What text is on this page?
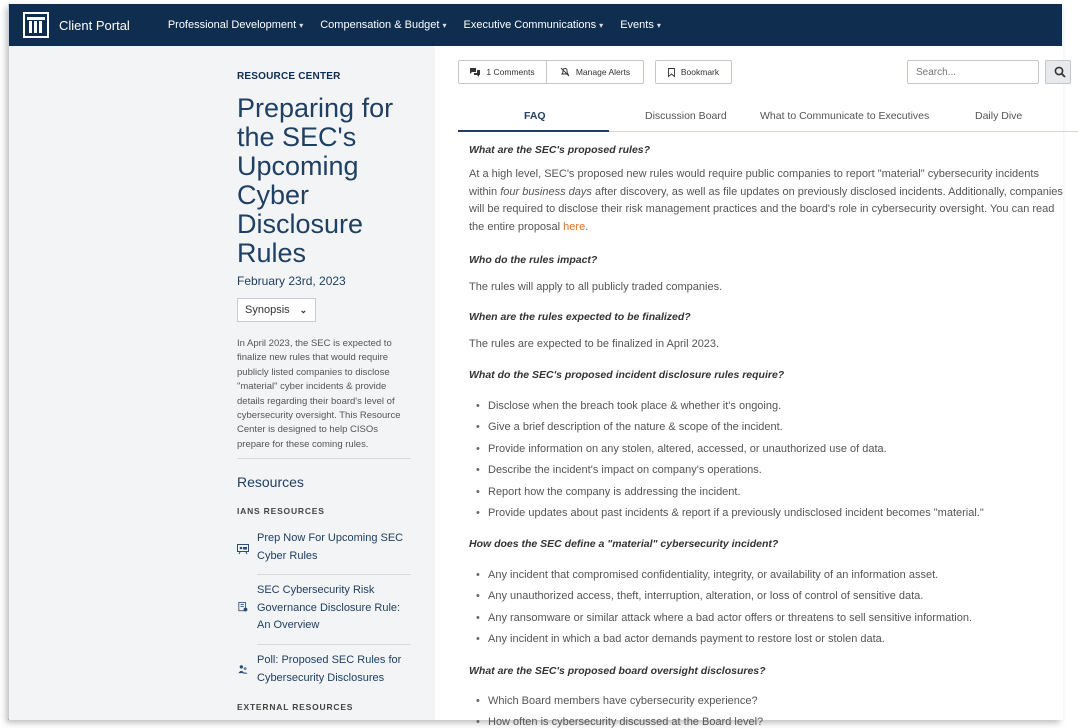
Client Portal	Professional Development ▾ Compensation & Budget ▾ Executive Communications ▾ Events ▾
RESOURCE CENTER
Preparing for the SEC's Upcoming Cyber Disclosure Rules
February 23rd, 2023
Synopsis ⌄
In April 2023, the SEC is expected to finalize new rules that would require publicly listed companies to disclose "material" cyber incidents & provide details regarding their board's level of cybersecurity oversight. This Resource Center is designed to help CISOs prepare for these coming rules.
Resources
IANS RESOURCES
Prep Now For Upcoming SEC Cyber Rules
SEC Cybersecurity Risk Governance Disclosure Rule: An Overview
Poll: Proposed SEC Rules for Cybersecurity Disclosures
EXTERNAL RESOURCES
1 Comments	Manage Alerts	Bookmark
Search...
FAQ	Discussion Board	What to Communicate to Executives	Daily Dive
What are the SEC's proposed rules?
At a high level, SEC's proposed new rules would require public companies to report "material" cybersecurity incidents within four business days after discovery, as well as file updates on previously disclosed incidents. Additionally, companies will be required to disclose their risk management practices and the board's role in cybersecurity oversight. You can read the entire proposal here.
Who do the rules impact?
The rules will apply to all publicly traded companies.
When are the rules expected to be finalized?
The rules are expected to be finalized in April 2023.
What do the SEC's proposed incident disclosure rules require?
• Disclose when the breach took place & whether it's ongoing.
• Give a brief description of the nature & scope of the incident.
• Provide information on any stolen, altered, accessed, or unauthorized use of data.
• Describe the incident's impact on company's operations.
• Report how the company is addressing the incident.
• Provide updates about past incidents & report if a previously undisclosed incident becomes "material."
How does the SEC define a "material" cybersecurity incident?
• Any incident that compromised confidentiality, integrity, or availability of an information asset.
• Any unauthorized access, theft, interruption, alteration, or loss of control of sensitive data.
• Any ransomware or similar attack where a bad actor offers or threatens to sell sensitive information.
• Any incident in which a bad actor demands payment to restore lost or stolen data.
What are the SEC's proposed board oversight disclosures?
• Which Board members have cybersecurity experience?
• How often is cybersecurity discussed at the Board level?
